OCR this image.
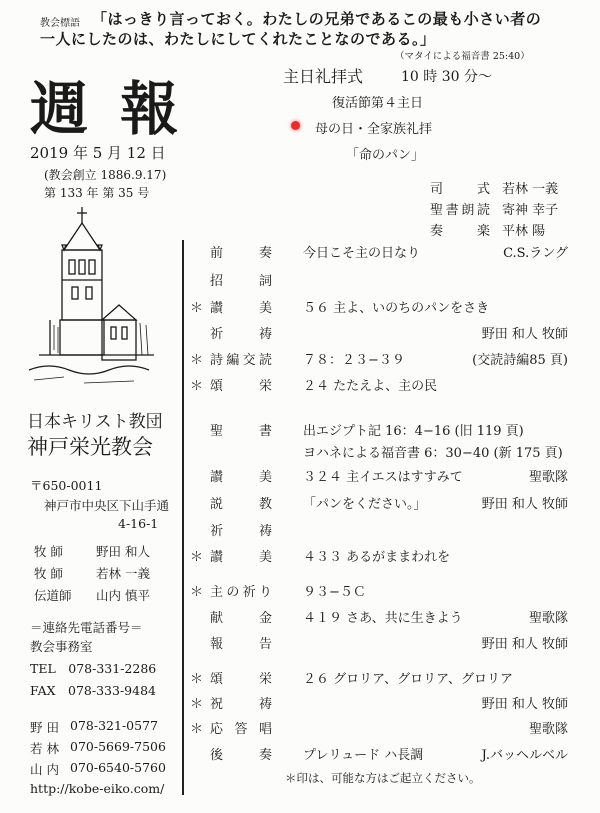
教会標語 「はっきり言っておく。わたしの兄弟であるこの最も小さい者の
一人にしたのは、わたしにしてくれたことなのである。」
（マタイによる福音書 25:40）
週 報
2019 年 5 月 12 日
(教会創立 1886.9.17)
第 133 年 第 35 号
主日礼拝式	10 時 30 分〜
復活節第４主日
母の日・全家族礼拝
「命のパン」
司 式 若林 一義
聖書朗読 寄神 幸子
奏 楽 平林 陽
日本キリスト教団
神戸栄光教会
〒650-0011
神戸市中央区下山手通
4-16-1
牧 師	野田 和人
牧 師	若林 一義
伝道師 山内 慎平
＝連絡先電話番号＝
教会事務室
TEL　078-331-2286
FAX　078-333-9484
野 田 078-321-0577
若 林 070-5669-7506
山 内 070-6540-5760
http://kobe-eiko.com/
前 奏 今日こそ主の日なり	C.S.ラング
招 詞
＊ 讃 美 ５６ 主よ、いのちのパンをさき
祈 祷	野田 和人 牧師
＊ 詩編交読 ７８：２３−３９	(交読詩編85 頁)
＊ 頌 栄 ２４ たたえよ、主の民
聖 書 出エジプト記 16：4−16 (旧 119 頁)
ヨハネによる福音書 6：30−40 (新 175 頁)
讃 美 ３２４ 主イエスはすすみて	聖歌隊
説 教 「パンをください。」	野田 和人 牧師
祈 祷
＊ 讃 美 ４３３ あるがままわれを
＊ 主の祈り ９３−５Ｃ
献 金 ４１９ さあ、共に生きよう	聖歌隊
報 告	野田 和人 牧師
＊ 頌 栄 ２６ グロリア、グロリア、グロリア
＊ 祝 祷	野田 和人 牧師
＊ 応 答 唱	聖歌隊
後 奏 プレリュード ハ長調	J.バッヘルベル
＊印は、可能な方はご起立ください。
